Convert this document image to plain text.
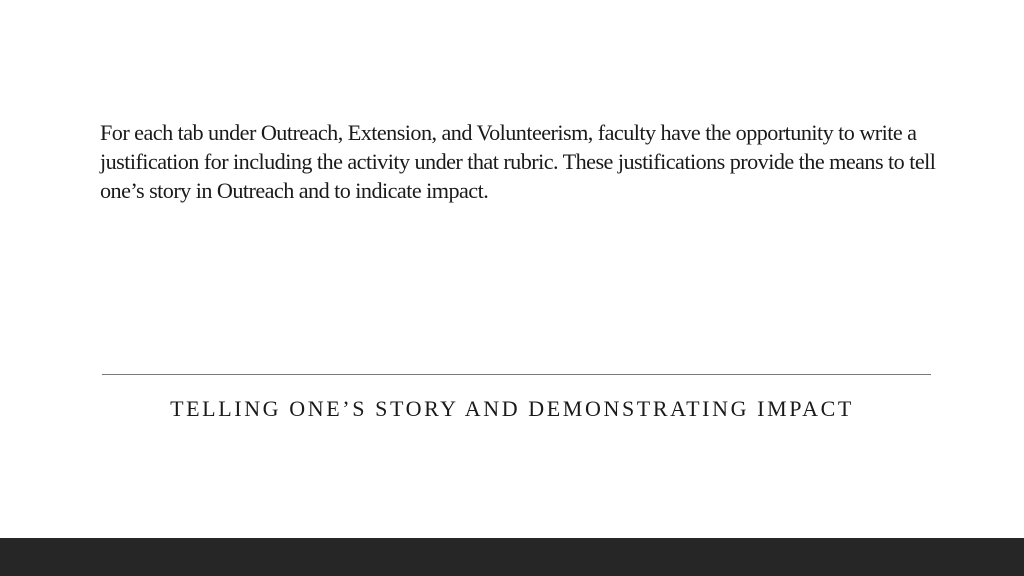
For each tab under Outreach, Extension, and Volunteerism, faculty have the opportunity to write a justification for including the activity under that rubric. These justifications provide the means to tell one’s story in Outreach and to indicate impact.

TELLING ONE’S STORY AND DEMONSTRATING IMPACT
